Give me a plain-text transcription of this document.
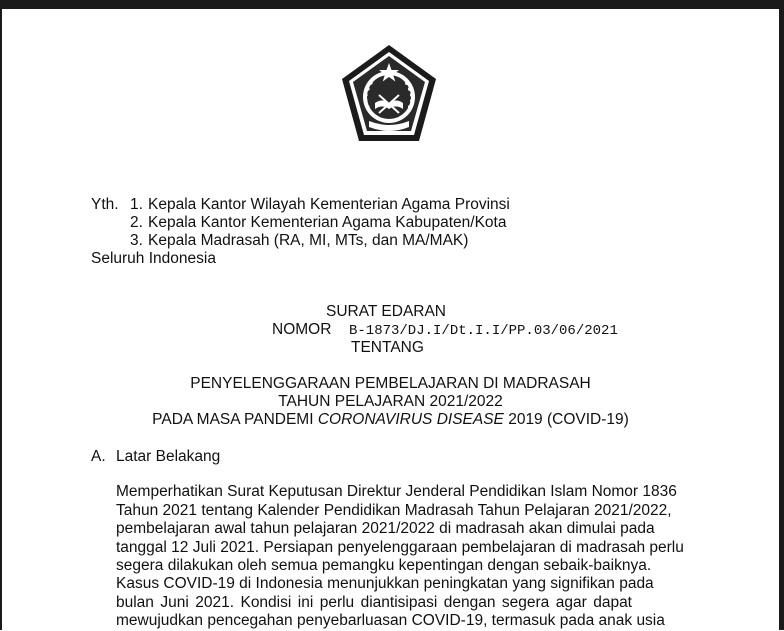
Yth. 1. Kepala Kantor Wilayah Kementerian Agama Provinsi
2. Kepala Kantor Kementerian Agama Kabupaten/Kota
3. Kepala Madrasah (RA, MI, MTs, dan MA/MAK)
Seluruh Indonesia
SURAT EDARAN
NOMOR B-1873/DJ.I/Dt.I.I/PP.03/06/2021
TENTANG
PENYELENGGARAAN PEMBELAJARAN DI MADRASAH
TAHUN PELAJARAN 2021/2022
PADA MASA PANDEMI CORONAVIRUS DISEASE 2019 (COVID-19)
A. Latar Belakang
Memperhatikan Surat Keputusan Direktur Jenderal Pendidikan Islam Nomor 1836
Tahun 2021 tentang Kalender Pendidikan Madrasah Tahun Pelajaran 2021/2022,
pembelajaran awal tahun pelajaran 2021/2022 di madrasah akan dimulai pada
tanggal 12 Juli 2021. Persiapan penyelenggaraan pembelajaran di madrasah perlu
segera dilakukan oleh semua pemangku kepentingan dengan sebaik-baiknya.
Kasus COVID-19 di Indonesia menunjukkan peningkatan yang signifikan pada
bulan Juni 2021. Kondisi ini perlu diantisipasi dengan segera agar dapat
mewujudkan pencegahan penyebarluasan COVID-19, termasuk pada anak usia
